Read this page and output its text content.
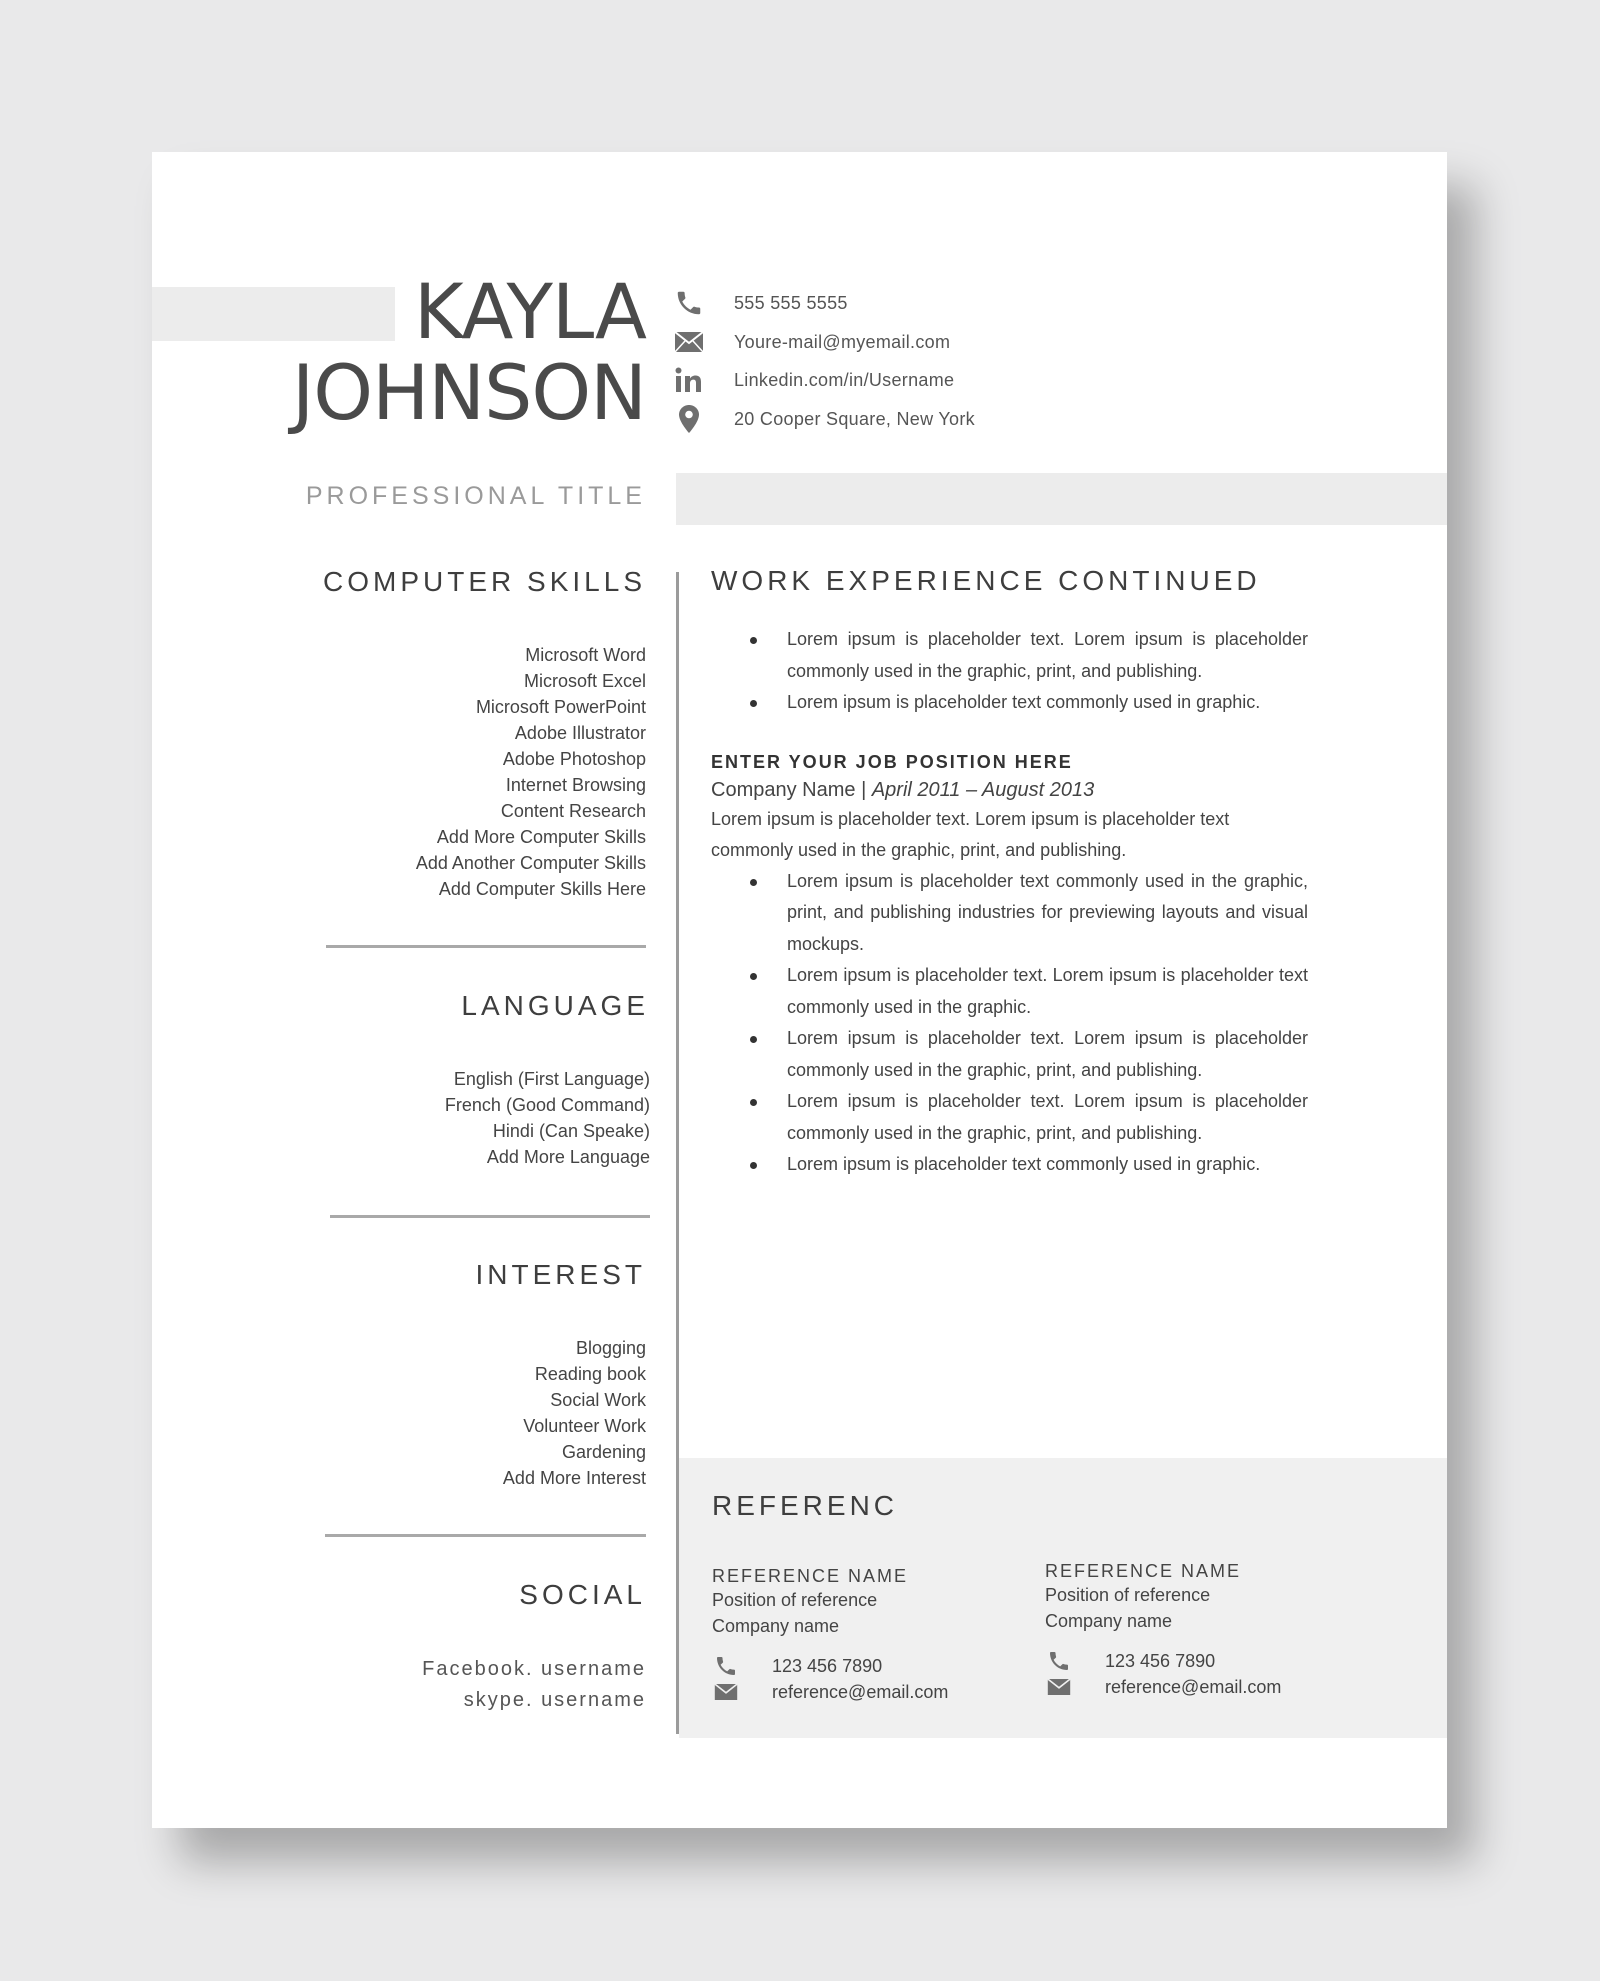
KAYLA
JOHNSON
555 555 5555
Youre-mail@myemail.com
Linkedin.com/in/Username
20 Cooper Square, New York
PROFESSIONAL TITLE
COMPUTER SKILLS
Microsoft Word
Microsoft Excel
Microsoft PowerPoint
Adobe Illustrator
Adobe Photoshop
Internet Browsing
Content Research
Add More Computer Skills
Add Another Computer Skills
Add Computer Skills Here
LANGUAGE
English (First Language)
French (Good Command)
Hindi (Can Speake)
Add More Language
INTEREST
Blogging
Reading book
Social Work
Volunteer Work
Gardening
Add More Interest
SOCIAL
Facebook. username
skype. username
WORK EXPERIENCE CONTINUED
Lorem ipsum is placeholder text. Lorem ipsum is placeholder commonly used in the graphic, print, and publishing.
Lorem ipsum is placeholder text commonly used in graphic.
ENTER YOUR JOB POSITION HERE
Company Name | April 2011 – August 2013
Lorem ipsum is placeholder text. Lorem ipsum is placeholder text commonly used in the graphic, print, and publishing.
Lorem ipsum is placeholder text commonly used in the graphic, print, and publishing industries for previewing layouts and visual mockups.
Lorem ipsum is placeholder text. Lorem ipsum is placeholder text commonly used in the graphic.
Lorem ipsum is placeholder text. Lorem ipsum is placeholder commonly used in the graphic, print, and publishing.
Lorem ipsum is placeholder text. Lorem ipsum is placeholder commonly used in the graphic, print, and publishing.
Lorem ipsum is placeholder text commonly used in graphic.
REFERENC
REFERENCE NAME
Position of reference
Company name
123 456 7890
reference@email.com
REFERENCE NAME
Position of reference
Company name
123 456 7890
reference@email.com
